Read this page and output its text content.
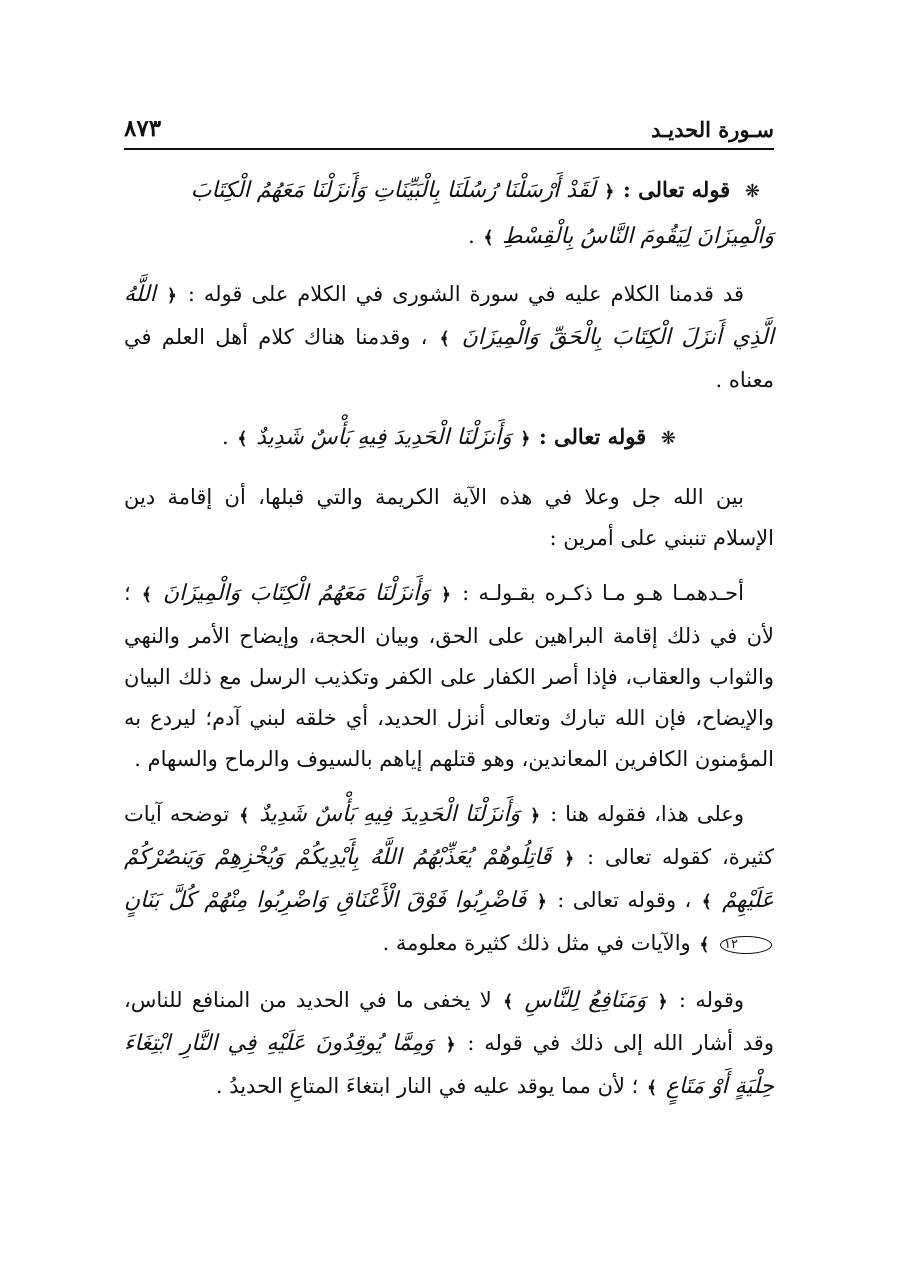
سـورة الحديـد
٨٧٣

❋ قوله تعالى : ﴿ لَقَدْ أَرْسَلْنَا رُسُلَنَا بِالْبَيِّنَاتِ وَأَنزَلْنَا مَعَهُمُ الْكِتَابَ وَالْمِيزَانَ لِيَقُومَ النَّاسُ بِالْقِسْطِ ﴾ .

قد قدمنا الكلام عليه في سورة الشورى في الكلام على قوله : ﴿ اللَّهُ الَّذِي أَنزَلَ الْكِتَابَ بِالْحَقِّ وَالْمِيزَانَ ﴾ ، وقدمنا هناك كلام أهل العلم في معناه .

❋ قوله تعالى : ﴿ وَأَنزَلْنَا الْحَدِيدَ فِيهِ بَأْسٌ شَدِيدٌ ﴾ .

بين الله جل وعلا في هذه الآية الكريمة والتي قبلها، أن إقامة دين الإسلام تنبني على أمرين :

أحـدهمـا هـو مـا ذكـره بقـولـه : ﴿ وَأَنزَلْنَا مَعَهُمُ الْكِتَابَ وَالْمِيزَانَ ﴾ ؛ لأن في ذلك إقامة البراهين على الحق، وبيان الحجة، وإيضاح الأمر والنهي والثواب والعقاب، فإذا أصر الكفار على الكفر وتكذيب الرسل مع ذلك البيان والإيضاح، فإن الله تبارك وتعالى أنزل الحديد، أي خلقه لبني آدم؛ ليردع به المؤمنون الكافرين المعاندين، وهو قتلهم إياهم بالسيوف والرماح والسهام .

وعلى هذا، فقوله هنا : ﴿ وَأَنزَلْنَا الْحَدِيدَ فِيهِ بَأْسٌ شَدِيدٌ ﴾ توضحه آيات كثيرة، كقوله تعالى : ﴿ قَاتِلُوهُمْ يُعَذِّبْهُمُ اللَّهُ بِأَيْدِيكُمْ وَيُخْزِهِمْ وَيَنصُرْكُمْ عَلَيْهِمْ ﴾ ، وقوله تعالى : ﴿ فَاضْرِبُوا فَوْقَ الْأَعْنَاقِ وَاضْرِبُوا مِنْهُمْ كُلَّ بَنَانٍ ١٢ ﴾ والآيات في مثل ذلك كثيرة معلومة .

وقوله : ﴿ وَمَنَافِعُ لِلنَّاسِ ﴾ لا يخفى ما في الحديد من المنافع للناس، وقد أشار الله إلى ذلك في قوله : ﴿ وَمِمَّا يُوقِدُونَ عَلَيْهِ فِي النَّارِ ابْتِغَاءَ حِلْيَةٍ أَوْ مَتَاعٍ ﴾ ؛ لأن مما يوقد عليه في النار ابتغاءَ المتاعِ الحديدُ .
